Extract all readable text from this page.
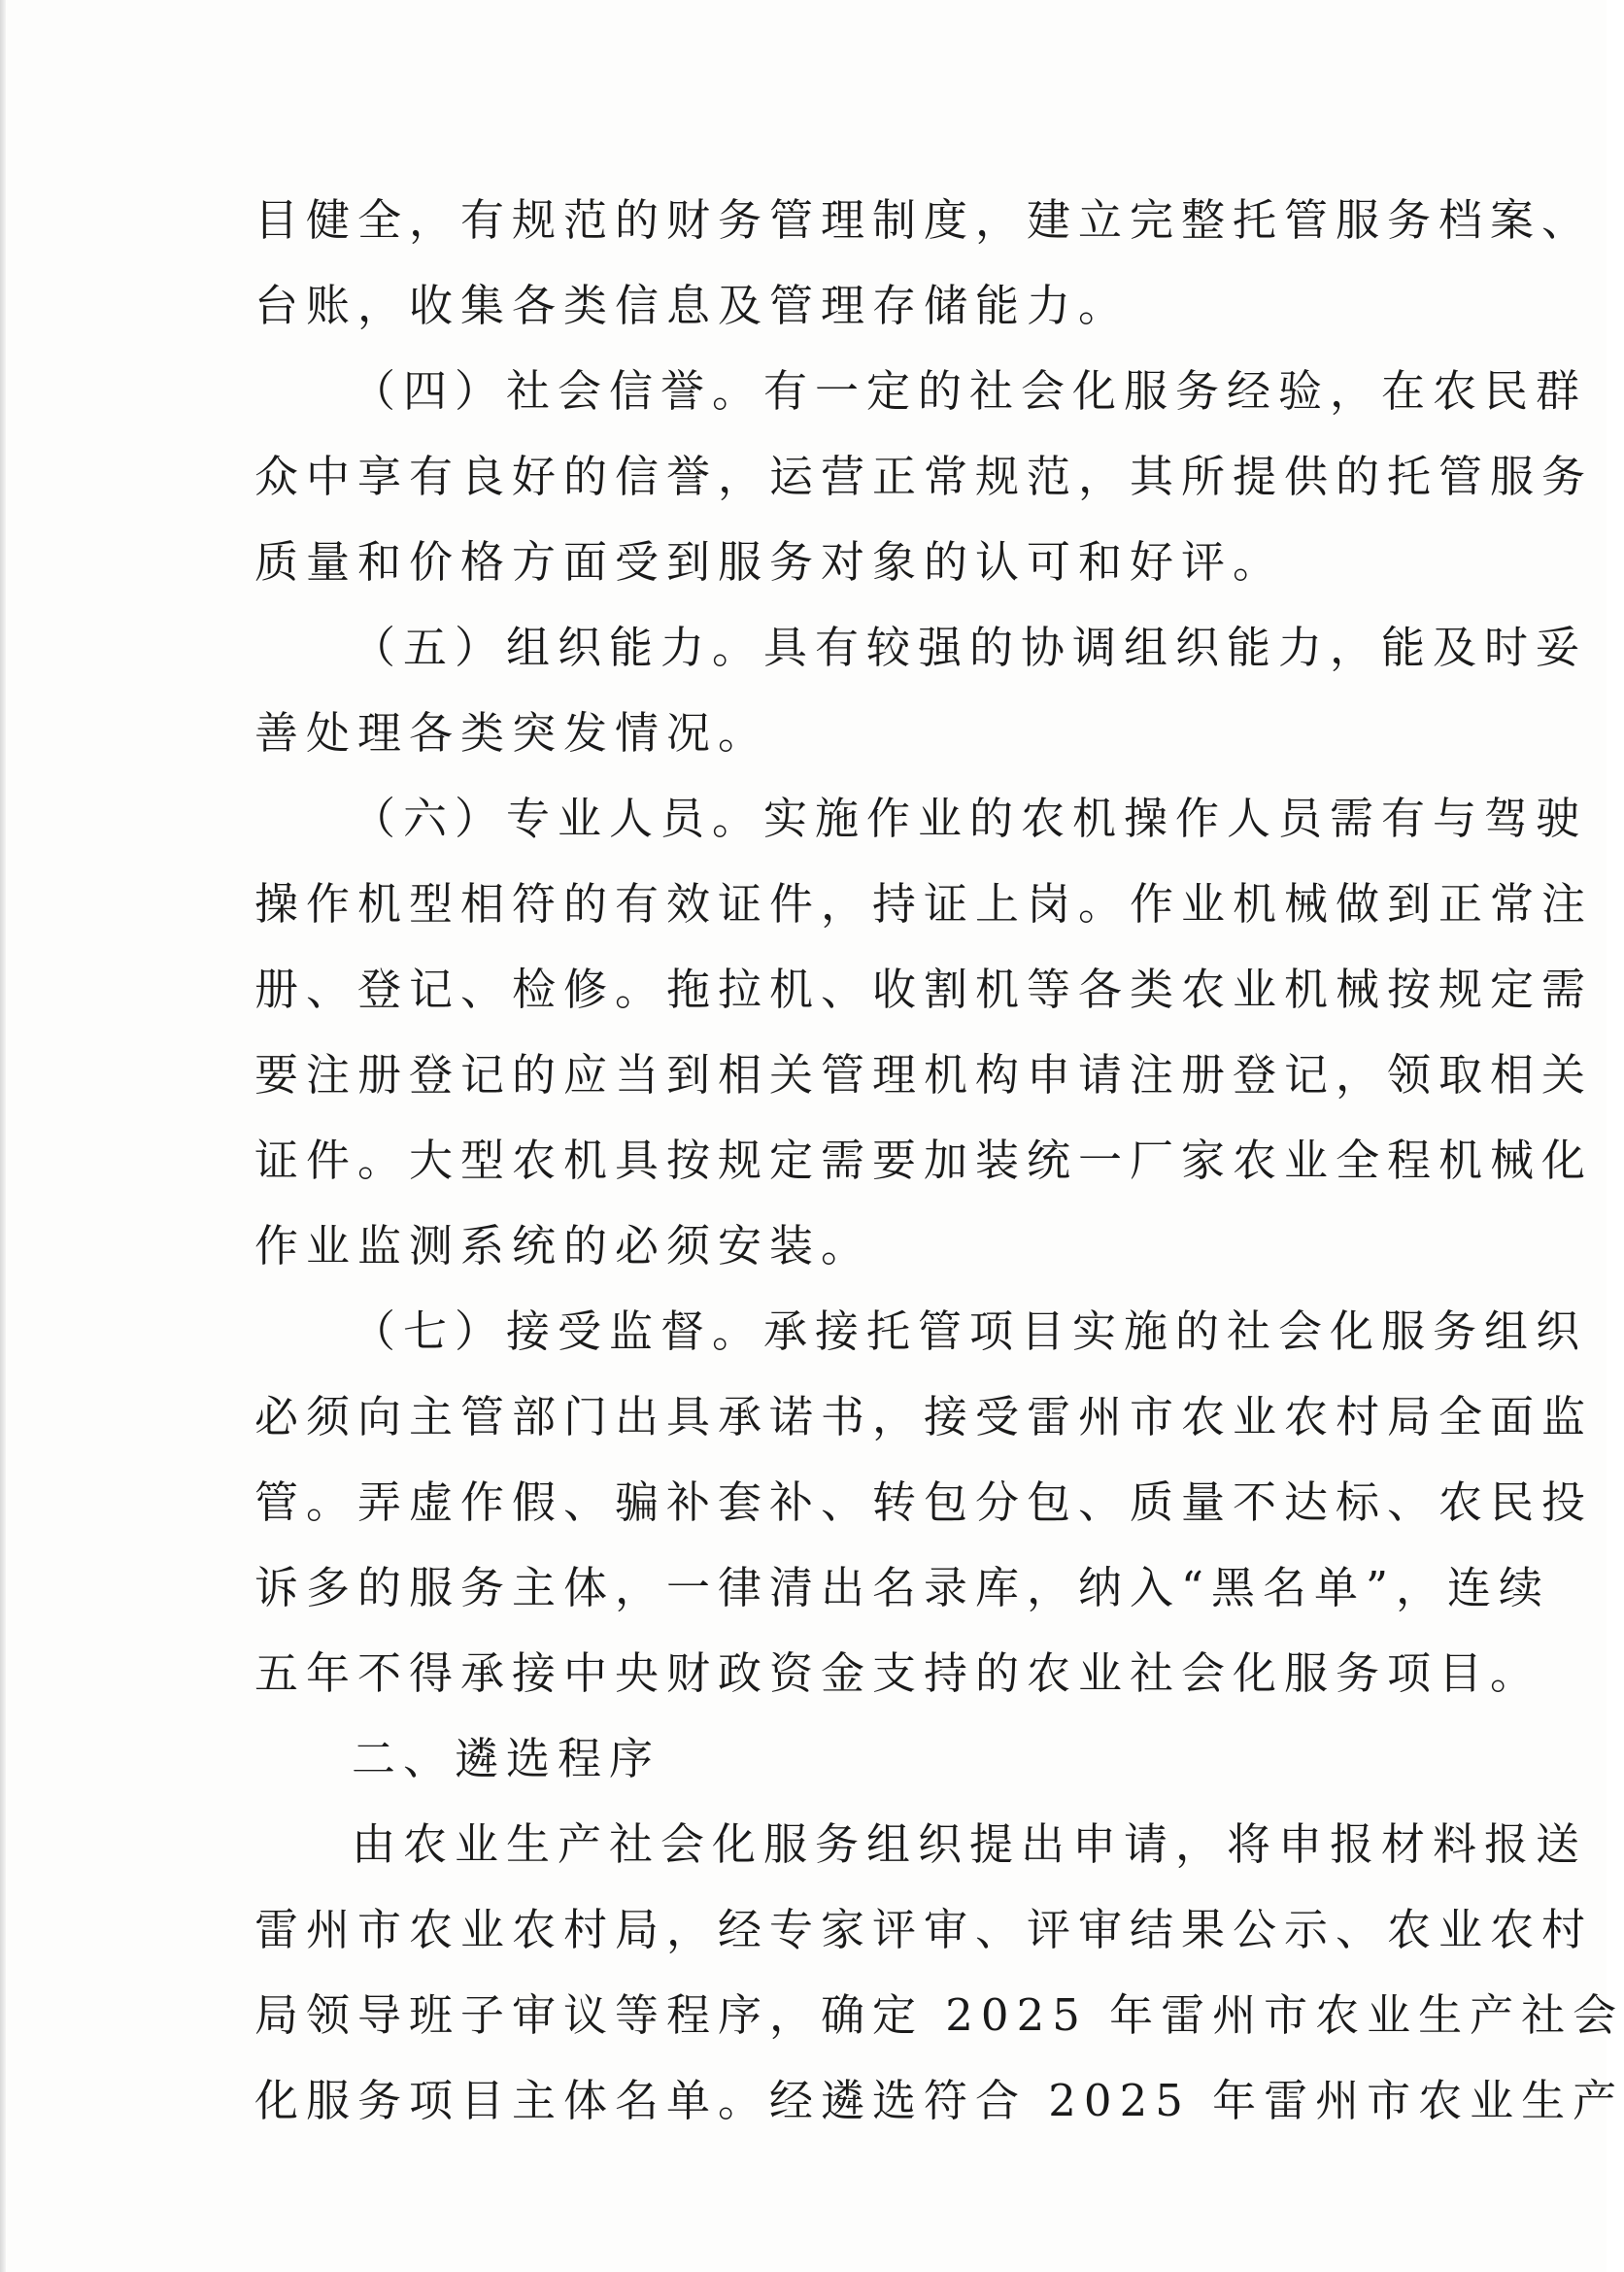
目健全，有规范的财务管理制度，建立完整托管服务档案、
台账，收集各类信息及管理存储能力。
（四）社会信誉。有一定的社会化服务经验，在农民群
众中享有良好的信誉，运营正常规范，其所提供的托管服务
质量和价格方面受到服务对象的认可和好评。
（五）组织能力。具有较强的协调组织能力，能及时妥
善处理各类突发情况。
（六）专业人员。实施作业的农机操作人员需有与驾驶
操作机型相符的有效证件，持证上岗。作业机械做到正常注
册、登记、检修。拖拉机、收割机等各类农业机械按规定需
要注册登记的应当到相关管理机构申请注册登记，领取相关
证件。大型农机具按规定需要加装统一厂家农业全程机械化
作业监测系统的必须安装。
（七）接受监督。承接托管项目实施的社会化服务组织
必须向主管部门出具承诺书，接受雷州市农业农村局全面监
管。弄虚作假、骗补套补、转包分包、质量不达标、农民投
诉多的服务主体，一律清出名录库，纳入“黑名单”，连续
五年不得承接中央财政资金支持的农业社会化服务项目。
二、遴选程序
由农业生产社会化服务组织提出申请，将申报材料报送
雷州市农业农村局，经专家评审、评审结果公示、农业农村
局领导班子审议等程序，确定 2025 年雷州市农业生产社会
化服务项目主体名单。经遴选符合 2025 年雷州市农业生产
